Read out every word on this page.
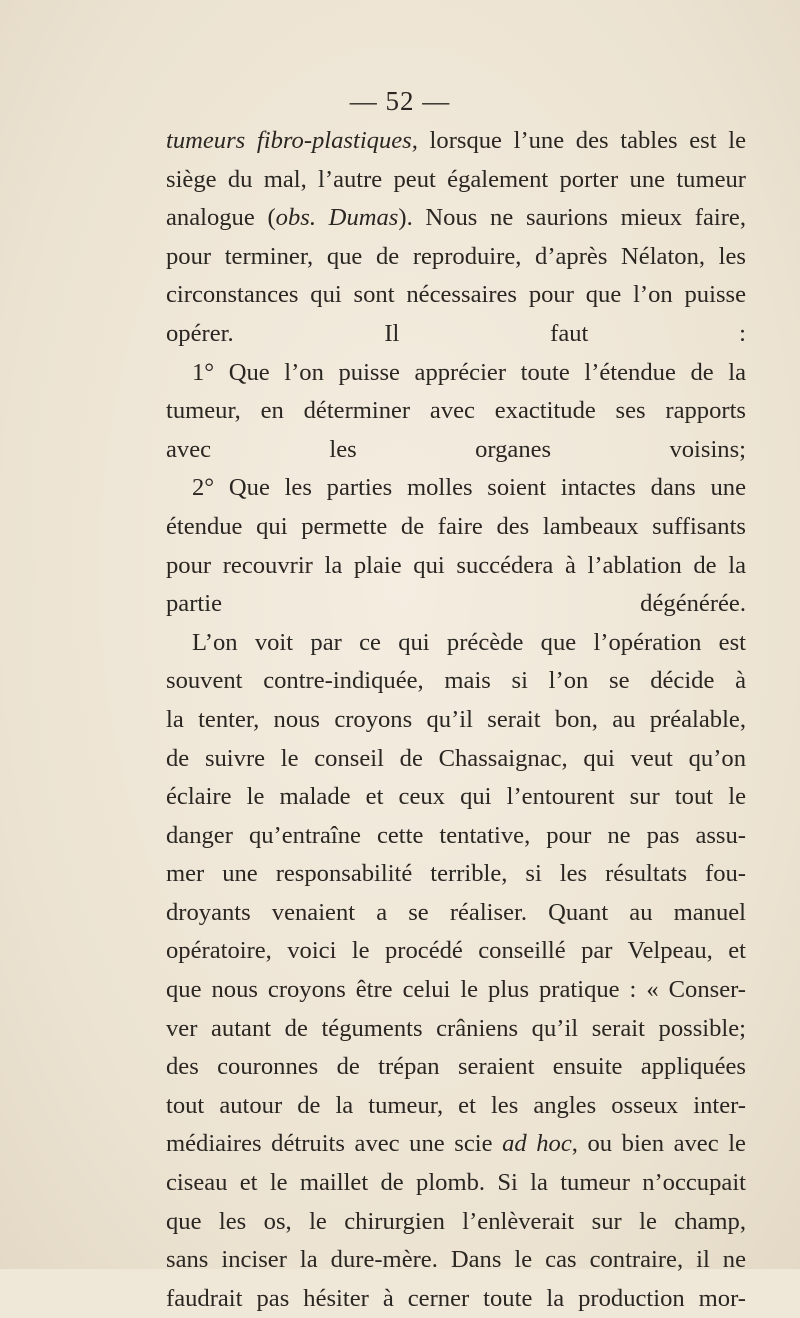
— 52 —
tumeurs fibro-plastiques, lorsque l’une des tables est le
siège du mal, l’autre peut également porter une tumeur
analogue (obs. Dumas). Nous ne saurions mieux faire,
pour terminer, que de reproduire, d’après Nélaton, les
circonstances qui sont nécessaires pour que l’on puisse
opérer. Il faut :
1° Que l’on puisse apprécier toute l’étendue de la
tumeur, en déterminer avec exactitude ses rapports
avec les organes voisins;
2° Que les parties molles soient intactes dans une
étendue qui permette de faire des lambeaux suffisants
pour recouvrir la plaie qui succédera à l’ablation de la
partie dégénérée.
L’on voit par ce qui précède que l’opération est
souvent contre-indiquée, mais si l’on se décide à
la tenter, nous croyons qu’il serait bon, au préalable,
de suivre le conseil de Chassaignac, qui veut qu’on
éclaire le malade et ceux qui l’entourent sur tout le
danger qu’entraîne cette tentative, pour ne pas assu-
mer une responsabilité terrible, si les résultats fou-
droyants venaient a se réaliser. Quant au manuel
opératoire, voici le procédé conseillé par Velpeau, et
que nous croyons être celui le plus pratique : « Conser-
ver autant de téguments crâniens qu’il serait possible;
des couronnes de trépan seraient ensuite appliquées
tout autour de la tumeur, et les angles osseux inter-
médiaires détruits avec une scie ad hoc, ou bien avec le
ciseau et le maillet de plomb. Si la tumeur n’occupait
que les os, le chirurgien l’enlèverait sur le champ,
sans inciser la dure-mère. Dans le cas contraire, il ne
faudrait pas hésiter à cerner toute la production mor-
